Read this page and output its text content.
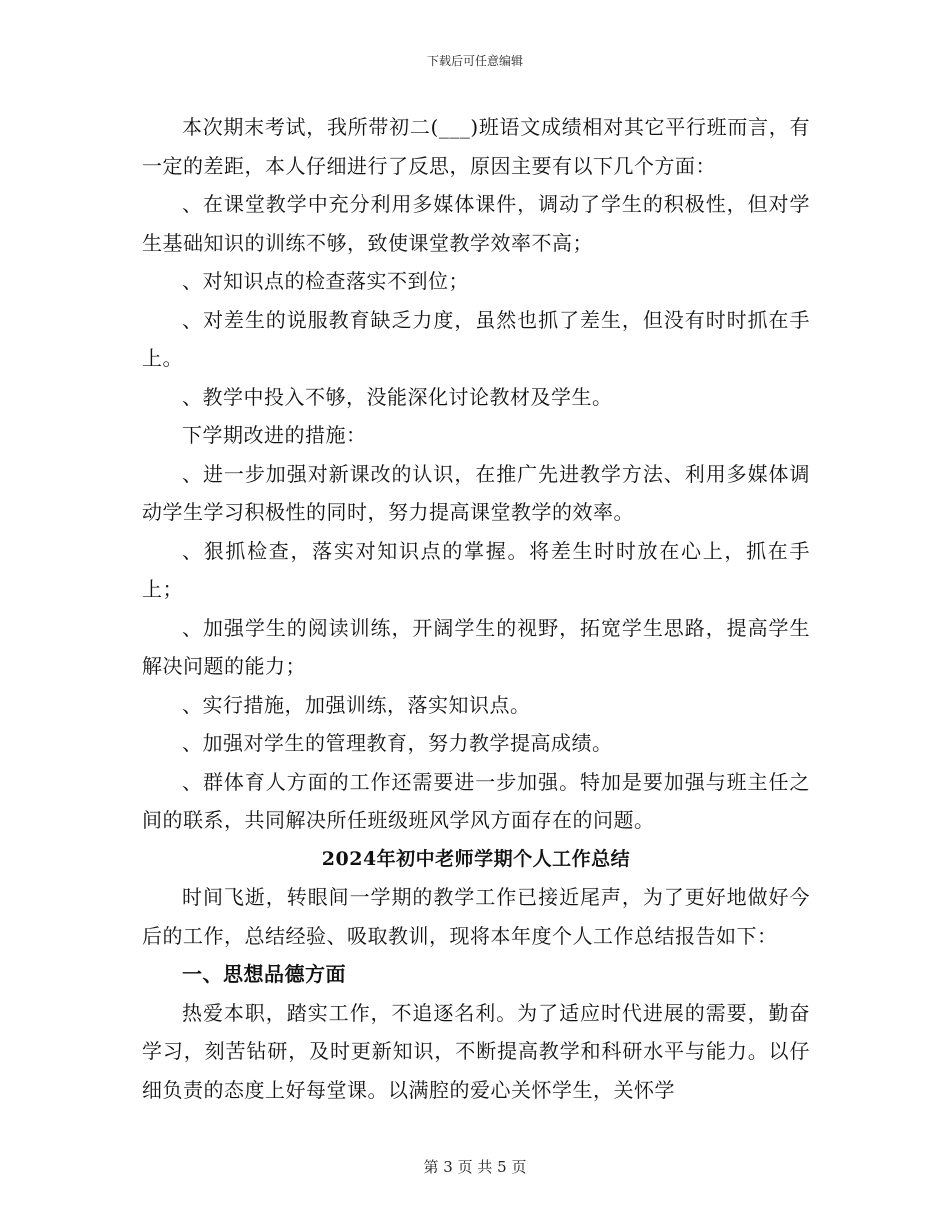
下载后可任意编辑

本次期末考试，我所带初二(___)班语文成绩相对其它平行班而言，有一定的差距，本人仔细进行了反思，原因主要有以下几个方面：

、在课堂教学中充分利用多媒体课件，调动了学生的积极性，但对学生基础知识的训练不够，致使课堂教学效率不高；

、对知识点的检查落实不到位；

、对差生的说服教育缺乏力度，虽然也抓了差生，但没有时时抓在手上。

、教学中投入不够，没能深化讨论教材及学生。

下学期改进的措施：

、进一步加强对新课改的认识，在推广先进教学方法、利用多媒体调动学生学习积极性的同时，努力提高课堂教学的效率。

、狠抓检查，落实对知识点的掌握。将差生时时放在心上，抓在手上；

、加强学生的阅读训练，开阔学生的视野，拓宽学生思路，提高学生解决问题的能力；

、实行措施，加强训练，落实知识点。

、加强对学生的管理教育，努力教学提高成绩。

、群体育人方面的工作还需要进一步加强。特加是要加强与班主任之间的联系，共同解决所任班级班风学风方面存在的问题。

2024年初中老师学期个人工作总结

时间飞逝，转眼间一学期的教学工作已接近尾声，为了更好地做好今后的工作，总结经验、吸取教训，现将本年度个人工作总结报告如下：

一、思想品德方面

热爱本职，踏实工作，不追逐名利。为了适应时代进展的需要，勤奋学习，刻苦钻研，及时更新知识，不断提高教学和科研水平与能力。以仔细负责的态度上好每堂课。以满腔的爱心关怀学生，关怀学

第 3 页 共 5 页
